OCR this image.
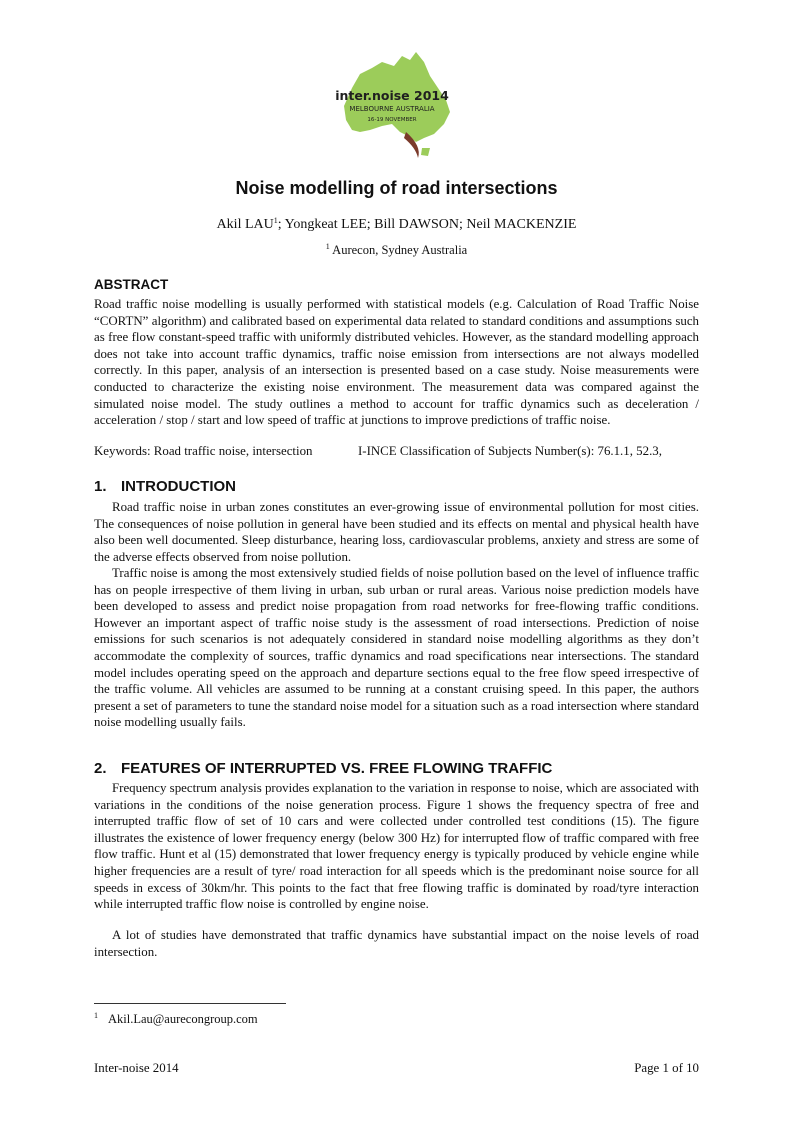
inter.noise 2014
MELBOURNE AUSTRALIA
16-19 NOVEMBER
Noise modelling of road intersections
Akil LAU$^1$; Yongkeat LEE; Bill DAWSON; Neil MACKENZIE
$^1$ Aurecon, Sydney Australia
ABSTRACT

Road traffic noise modelling is usually performed with statistical models (e.g. Calculation of Road Traffic Noise “CORTN” algorithm) and calibrated based on experimental data related to standard conditions and assumptions such as free flow constant-speed traffic with uniformly distributed vehicles. However, as the standard modelling approach does not take into account traffic dynamics, traffic noise emission from intersections are not always modelled correctly. In this paper, analysis of an intersection is presented based on a case study. Noise measurements were conducted to characterize the existing noise environment. The measurement data was compared against the simulated noise model. The study outlines a method to account for traffic dynamics such as deceleration / acceleration / stop / start and low speed of traffic at junctions to improve predictions of traffic noise.

Keywords: Road traffic noise, intersection	I-INCE Classification of Subjects Number(s): 76.1.1, 52.3,
1. INTRODUCTION

Road traffic noise in urban zones constitutes an ever-growing issue of environmental pollution for most cities. The consequences of noise pollution in general have been studied and its effects on mental and physical health have also been well documented. Sleep disturbance, hearing loss, cardiovascular problems, anxiety and stress are some of the adverse effects observed from noise pollution.

Traffic noise is among the most extensively studied fields of noise pollution based on the level of influence traffic has on people irrespective of them living in urban, sub urban or rural areas. Various noise prediction models have been developed to assess and predict noise propagation from road networks for free-flowing traffic conditions. However an important aspect of traffic noise study is the assessment of road intersections. Prediction of noise emissions for such scenarios is not adequately considered in standard noise modelling algorithms as they don’t accommodate the complexity of sources, traffic dynamics and road specifications near intersections. The standard model includes operating speed on the approach and departure sections equal to the free flow speed irrespective of the traffic volume. All vehicles are assumed to be running at a constant cruising speed. In this paper, the authors present a set of parameters to tune the standard noise model for a situation such as a road intersection where standard noise modelling usually fails.

2. FEATURES OF INTERRUPTED VS. FREE FLOWING TRAFFIC

Frequency spectrum analysis provides explanation to the variation in response to noise, which are associated with variations in the conditions of the noise generation process. Figure 1 shows the frequency spectra of free and interrupted traffic flow of set of 10 cars and were collected under controlled test conditions (15). The figure illustrates the existence of lower frequency energy (below 300 Hz) for interrupted flow of traffic compared with free flow traffic. Hunt et al (15) demonstrated that lower frequency energy is typically produced by vehicle engine while higher frequencies are a result of tyre/ road interaction for all speeds which is the predominant noise source for all speeds in excess of 30km/hr. This points to the fact that free flowing traffic is dominated by road/tyre interaction while interrupted traffic flow noise is controlled by engine noise.

A lot of studies have demonstrated that traffic dynamics have substantial impact on the noise levels of road intersection.

$^1$ Akil.Lau@aurecongroup.com
Inter-noise 2014	Page 1 of 10
